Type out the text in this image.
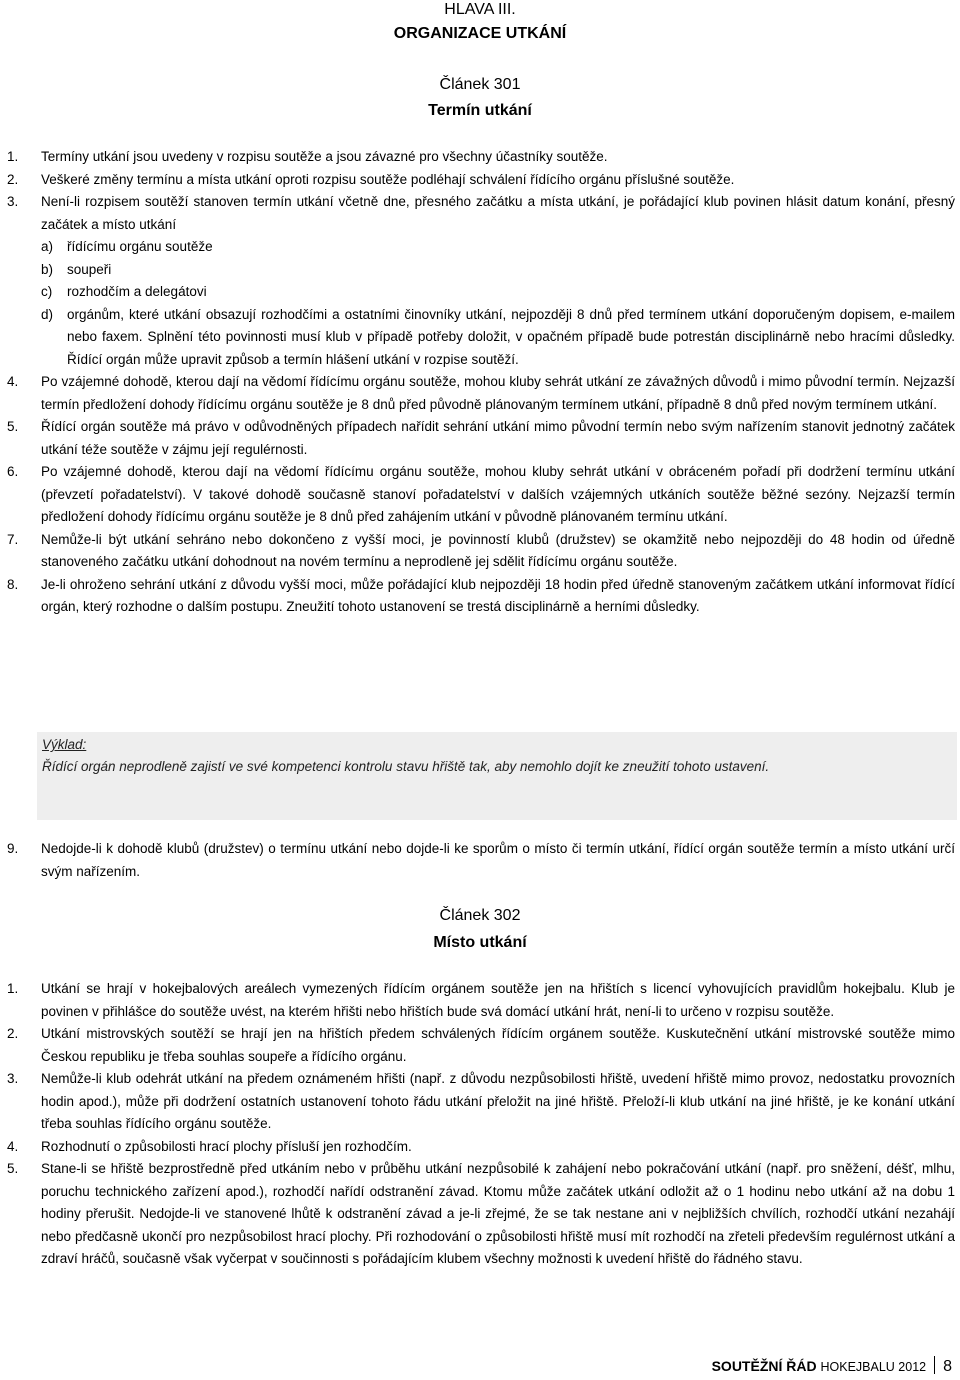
HLAVA III.
ORGANIZACE UTKÁNÍ
Článek 301
Termín utkání
1. Termíny utkání jsou uvedeny v rozpisu soutěže a jsou závazné pro všechny účastníky soutěže.
2. Veškeré změny termínu a místa utkání oproti rozpisu soutěže podléhají schválení řídícího orgánu příslušné soutěže.
3. Není-li rozpisem soutěží stanoven termín utkání včetně dne, přesného začátku a místa utkání, je pořádající klub povinen hlásit datum konání, přesný začátek a místo utkání
a) řídícímu orgánu soutěže
b) soupeři
c) rozhodčím a delegátovi
d) orgánům, které utkání obsazují rozhodčími a ostatními činovníky utkání, nejpozději 8 dnů před termínem utkání doporučeným dopisem, e-mailem nebo faxem. Splnění této povinnosti musí klub v případě potřeby doložit, v opačném případě bude potrestán disciplinárně nebo hracími důsledky. Řídící orgán může upravit způsob a termín hlášení utkání v rozpise soutěží.
4. Po vzájemné dohodě, kterou dají na vědomí řídícímu orgánu soutěže, mohou kluby sehrát utkání ze závažných důvodů i mimo původní termín. Nejzazší termín předložení dohody řídícímu orgánu soutěže je 8 dnů před původně plánovaným termínem utkání, případně 8 dnů před novým termínem utkání.
5. Řídící orgán soutěže má právo v odůvodněných případech nařídit sehrání utkání mimo původní termín nebo svým nařízením stanovit jednotný začátek utkání téže soutěže v zájmu její regulérnosti.
6. Po vzájemné dohodě, kterou dají na vědomí řídícímu orgánu soutěže, mohou kluby sehrát utkání v obráceném pořadí při dodržení termínu utkání (převzetí pořadatelství). V takové dohodě současně stanoví pořadatelství v dalších vzájemných utkáních soutěže běžné sezóny. Nejzazší termín předložení dohody řídícímu orgánu soutěže je 8 dnů před zahájením utkání v původně plánovaném termínu utkání.
7. Nemůže-li být utkání sehráno nebo dokončeno z vyšší moci, je povinností klubů (družstev) se okamžitě nebo nejpozději do 48 hodin od úředně stanoveného začátku utkání dohodnout na novém termínu a neprodleně jej sdělit řídícímu orgánu soutěže.
8. Je-li ohroženo sehrání utkání z důvodu vyšší moci, může pořádající klub nejpozději 18 hodin před úředně stanoveným začátkem utkání informovat řídící orgán, který rozhodne o dalším postupu. Zneužití tohoto ustanovení se trestá disciplinárně a herními důsledky.
Výklad:
Řídící orgán neprodleně zajistí ve své kompetenci kontrolu stavu hřiště tak, aby nemohlo dojít ke zneužití tohoto ustavení.
9. Nedojde-li k dohodě klubů (družstev) o termínu utkání nebo dojde-li ke sporům o místo či termín utkání, řídící orgán soutěže termín a místo utkání určí svým nařízením.
Článek 302
Místo utkání
1. Utkání se hrají v hokejbalových areálech vymezených řídícím orgánem soutěže jen na hřištích s licencí vyhovujících pravidlům hokejbalu. Klub je povinen v přihlášce do soutěže uvést, na kterém hřišti nebo hřištích bude svá domácí utkání hrát, není-li to určeno v rozpisu soutěže.
2. Utkání mistrovských soutěží se hrají jen na hřištích předem schválených řídícím orgánem soutěže. Kuskutečnění utkání mistrovské soutěže mimo Českou republiku je třeba souhlas soupeře a řídícího orgánu.
3. Nemůže-li klub odehrát utkání na předem oznámeném hřišti (např. z důvodu nezpůsobilosti hřiště, uvedení hřiště mimo provoz, nedostatku provozních hodin apod.), může při dodržení ostatních ustanovení tohoto řádu utkání přeložit na jiné hřiště. Přeloží-li klub utkání na jiné hřiště, je ke konání utkání třeba souhlas řídícího orgánu soutěže.
4. Rozhodnutí o způsobilosti hrací plochy přísluší jen rozhodčím.
5. Stane-li se hřiště bezprostředně před utkáním nebo v průběhu utkání nezpůsobilé k zahájení nebo pokračování utkání (např. pro sněžení, déšť, mlhu, poruchu technického zařízení apod.), rozhodčí nařídí odstranění závad. Ktomu může začátek utkání odložit až o 1 hodinu nebo utkání až na dobu 1 hodiny přerušit. Nedojde-li ve stanovené lhůtě k odstranění závad a je-li zřejmé, že se tak nestane ani v nejbližších chvílích, rozhodčí utkání nezahájí nebo předčasně ukončí pro nezpůsobilost hrací plochy. Při rozhodování o způsobilosti hřiště musí mít rozhodčí na zřeteli především regulérnost utkání a zdraví hráčů, současně však vyčerpat v součinnosti s pořádajícím klubem všechny možnosti k uvedení hřiště do řádného stavu.
SOUTĚŽNÍ ŘÁD HOKEJBALU 2012 8
